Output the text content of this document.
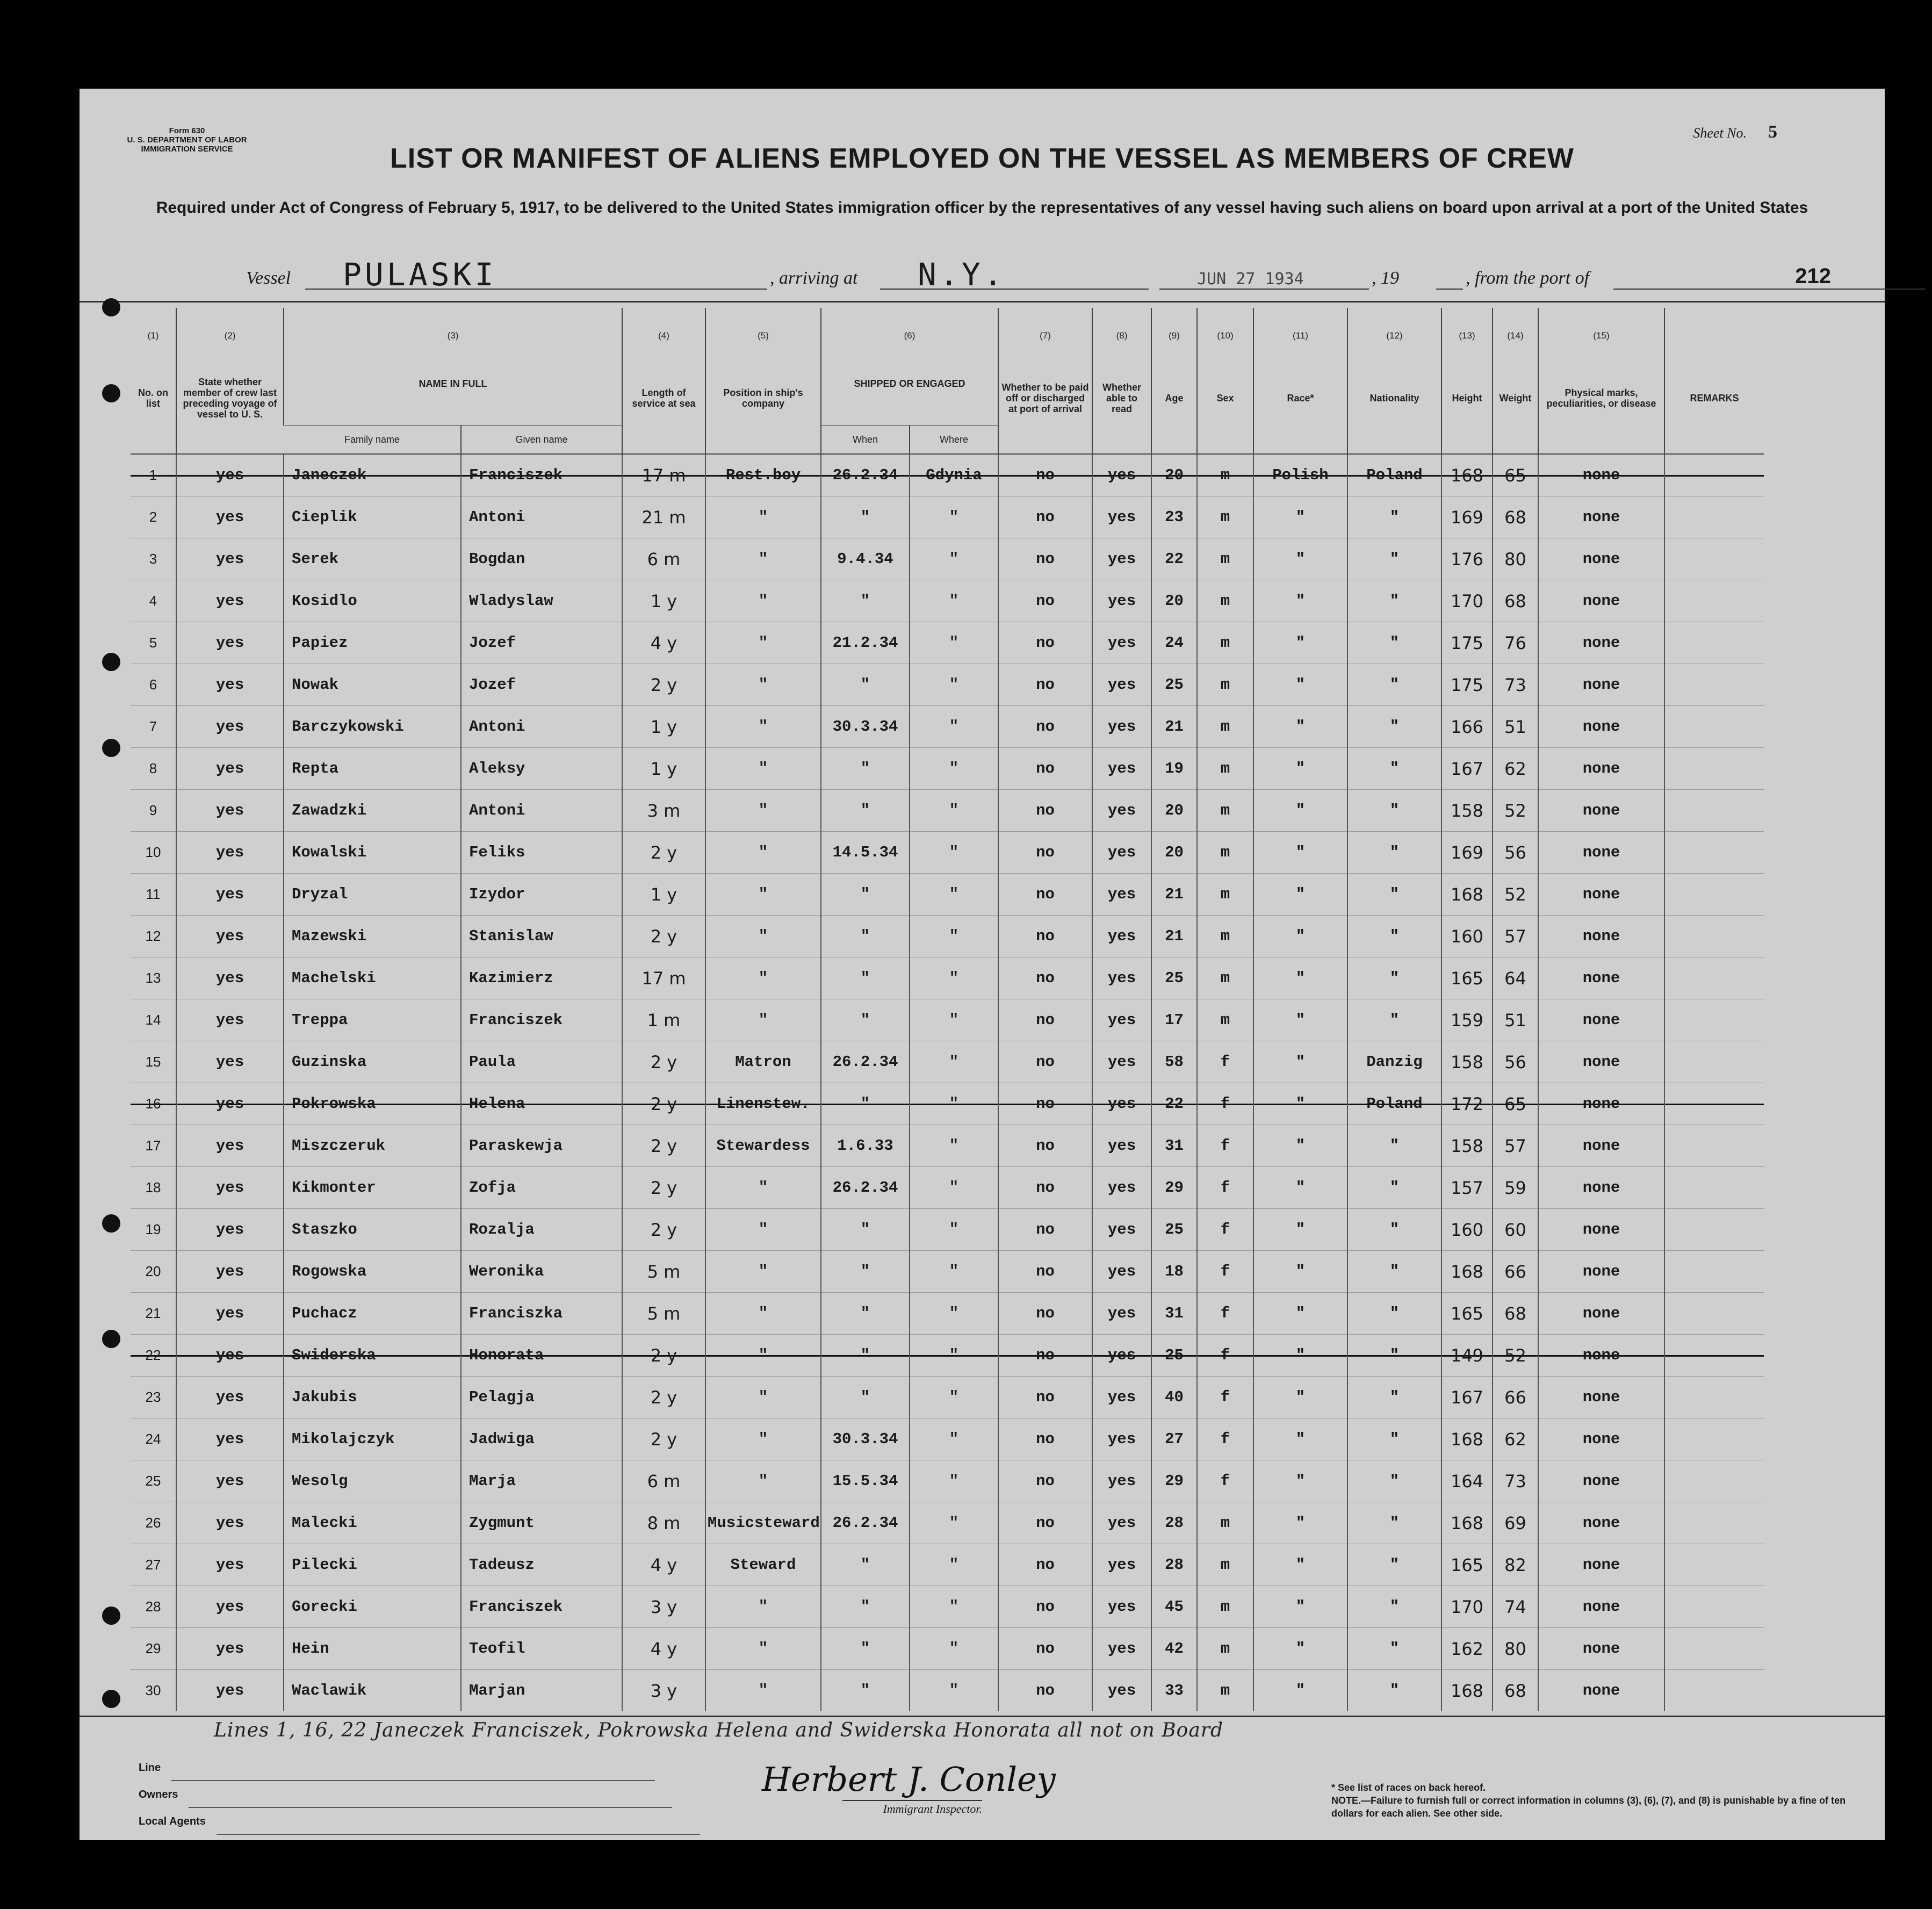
Form 630
U. S. DEPARTMENT OF LABOR
IMMIGRATION SERVICE
Sheet No. 5
LIST OR MANIFEST OF ALIENS EMPLOYED ON THE VESSEL AS MEMBERS OF CREW
Required under Act of Congress of February 5, 1917, to be delivered to the United States immigration officer by the representatives of any vessel having such aliens on board upon arrival at a port of the United States
Vessel PULASKI	, arriving at N.Y.	JUN 27 1934	, 19	, from the port of	212
(1)	(2)	(3)		(4)	(5)	(6)		(7)	(8)	(9)	(10)	(11)	(12)	(13)	(14)	(15)	
No. on list	State whether member of crew last preceding voyage of vessel to U. S.	NAME IN FULL		Length of service at sea	Position in ship's company	SHIPPED OR ENGAGED		Whether to be paid off or discharged at port of arrival	Whether able to read	Age	Sex	Race*	Nationality	Height	Weight	Physical marks, peculiarities, or disease	REMARKS
		Family name	Given name			When	Where										
1	yes	Janeczek	Franciszek	17 m	Rest.boy	26.2.34	Gdynia	no	yes	20	m	Polish	Poland	168	65	none	
2	yes	Cieplik	Antoni	21 m	"	"	"	no	yes	23	m	"	"	169	68	none	
3	yes	Serek	Bogdan	6 m	"	9.4.34	"	no	yes	22	m	"	"	176	80	none	
4	yes	Kosidlo	Wladyslaw	1 y	"	"	"	no	yes	20	m	"	"	170	68	none	
5	yes	Papiez	Jozef	4 y	"	21.2.34	"	no	yes	24	m	"	"	175	76	none	
6	yes	Nowak	Jozef	2 y	"	"	"	no	yes	25	m	"	"	175	73	none	
7	yes	Barczykowski	Antoni	1 y	"	30.3.34	"	no	yes	21	m	"	"	166	51	none	
8	yes	Repta	Aleksy	1 y	"	"	"	no	yes	19	m	"	"	167	62	none	
9	yes	Zawadzki	Antoni	3 m	"	"	"	no	yes	20	m	"	"	158	52	none	
10	yes	Kowalski	Feliks	2 y	"	14.5.34	"	no	yes	20	m	"	"	169	56	none	
11	yes	Dryzal	Izydor	1 y	"	"	"	no	yes	21	m	"	"	168	52	none	
12	yes	Mazewski	Stanislaw	2 y	"	"	"	no	yes	21	m	"	"	160	57	none	
13	yes	Machelski	Kazimierz	17 m	"	"	"	no	yes	25	m	"	"	165	64	none	
14	yes	Treppa	Franciszek	1 m	"	"	"	no	yes	17	m	"	"	159	51	none	
15	yes	Guzinska	Paula	2 y	Matron	26.2.34	"	no	yes	58	f	"	Danzig	158	56	none	
16	yes	Pokrowska	Helena	2 y	Linenstew.	"	"	no	yes	22	f	"	Poland	172	65	none	
17	yes	Miszczeruk	Paraskewja	2 y	Stewardess	1.6.33	"	no	yes	31	f	"	"	158	57	none	
18	yes	Kikmonter	Zofja	2 y	"	26.2.34	"	no	yes	29	f	"	"	157	59	none	
19	yes	Staszko	Rozalja	2 y	"	"	"	no	yes	25	f	"	"	160	60	none	
20	yes	Rogowska	Weronika	5 m	"	"	"	no	yes	18	f	"	"	168	66	none	
21	yes	Puchacz	Franciszka	5 m	"	"	"	no	yes	31	f	"	"	165	68	none	
22	yes	Swiderska	Honorata	2 y	"	"	"	no	yes	25	f	"	"	149	52	none	
23	yes	Jakubis	Pelagja	2 y	"	"	"	no	yes	40	f	"	"	167	66	none	
24	yes	Mikolajczyk	Jadwiga	2 y	"	30.3.34	"	no	yes	27	f	"	"	168	62	none	
25	yes	Wesolg	Marja	6 m	"	15.5.34	"	no	yes	29	f	"	"	164	73	none	
26	yes	Malecki	Zygmunt	8 m	Musicsteward	26.2.34	"	no	yes	28	m	"	"	168	69	none	
27	yes	Pilecki	Tadeusz	4 y	Steward	"	"	no	yes	28	m	"	"	165	82	none	
28	yes	Gorecki	Franciszek	3 y	"	"	"	no	yes	45	m	"	"	170	74	none	
29	yes	Hein	Teofil	4 y	"	"	"	no	yes	42	m	"	"	162	80	none	
30	yes	Waclawik	Marjan	3 y	"	"	"	no	yes	33	m	"	"	168	68	none	
Lines 1, 16, 22 Janeczek Franciszek, Pokrowska Helena and Swiderska Honorata all not on Board
Line
Owners
Local Agents
Herbert J. Conley
Immigrant Inspector.
* See list of races on back hereof.
NOTE.—Failure to furnish full or correct information in columns (3), (6), (7), and (8) is punishable by a fine of ten dollars for each alien. See other side.
